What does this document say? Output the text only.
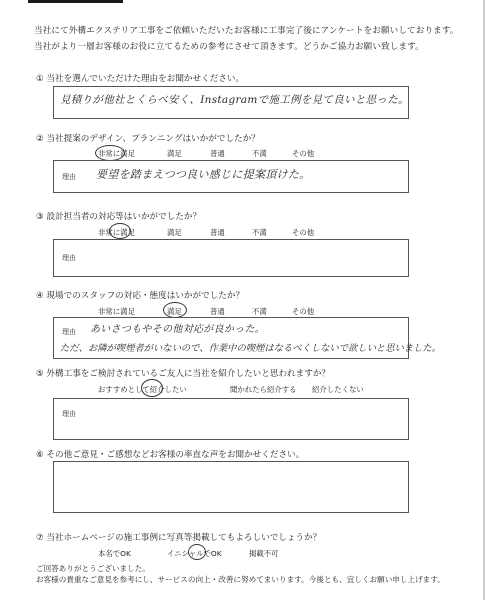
当社にて外構エクステリア工事をご依頼いただいたお客様に工事完了後にアンケートをお願いしております。
当社がより一層お客様のお役に立てるための参考にさせて頂きます。どうかご協力お願い致します。
① 当社を選んでいただけた理由をお聞かせください。
見積りが他社とくらべ安く、Instagramで施工例を見て良いと思った。
② 当社提案のデザイン、プランニングはいかがでしたか？
非常に満足	満足	普通	不満	その他
理由 要望を踏まえつつ良い感じに提案頂けた。
③ 設計担当者の対応等はいかがでしたか？
非常に満足	満足	普通	不満	その他
理由
④ 現場でのスタッフの対応・態度はいかがでしたか？
非常に満足	満足	普通	不満	その他
理由 あいさつもやその他対応が良かった。
ただ、お隣が喫煙者がいないので、作業中の喫煙はなるべくしないで欲しいと思いました。
⑤ 外構工事をご検討されているご友人に当社を紹介したいと思われますか？
おすすめとして紹介したい	聞かれたら紹介する 紹介したくない
理由
⑥ その他ご意見・ご感想などお客様の率直な声をお聞かせください。
⑦ 当社ホームページの施工事例に写真等掲載してもよろしいでしょうか？
本名でOK	イニシャルでOK	掲載不可
ご回答ありがとうございました。
お客様の貴重なご意見を参考にし、サービスの向上・改善に努めてまいります。今後とも、宜しくお願い申し上げます。
